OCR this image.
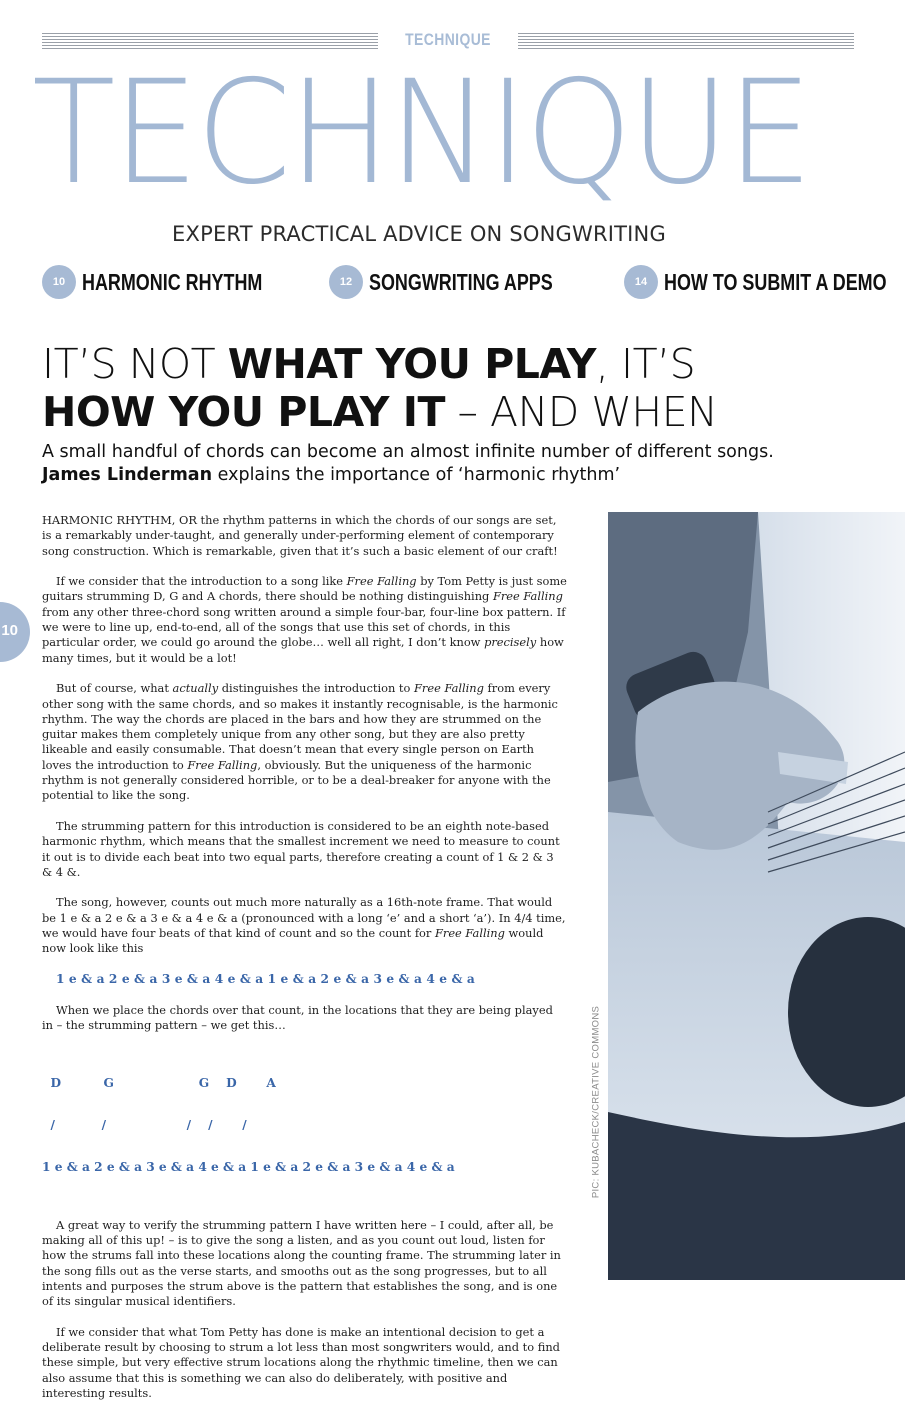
TECHNIQUE
TECHNIQUE
EXPERT PRACTICAL ADVICE ON SONGWRITING
10 HARMONIC RHYTHM	12 SONGWRITING APPS	14 HOW TO SUBMIT A DEMO
IT’S NOT WHAT YOU PLAY, IT’S
HOW YOU PLAY IT – AND WHEN
A small handful of chords can become an almost infinite number of different songs.
James Linderman explains the importance of ‘harmonic rhythm’
10

HARMONIC RHYTHM, OR the rhythm patterns in which the chords of our songs are set, is a remarkably under-taught, and generally under-performing element of contemporary song construction. Which is remarkable, given that it’s such a basic element of our craft!

If we consider that the introduction to a song like Free Falling by Tom Petty is just some guitars strumming D, G and A chords, there should be nothing distinguishing Free Falling from any other three-chord song written around a simple four-bar, four-line box pattern. If we were to line up, end-to-end, all of the songs that use this set of chords, in this particular order, we could go around the globe… well all right, I don’t know precisely how many times, but it would be a lot!

But of course, what actually distinguishes the introduction to Free Falling from every other song with the same chords, and so makes it instantly recognisable, is the harmonic rhythm. The way the chords are placed in the bars and how they are strummed on the guitar makes them completely unique from any other song, but they are also pretty likeable and easily consumable. That doesn’t mean that every single person on Earth loves the introduction to Free Falling, obviously. But the uniqueness of the harmonic rhythm is not generally considered horrible, or to be a deal-breaker for anyone with the potential to like the song.

The strumming pattern for this introduction is considered to be an eighth note-based harmonic rhythm, which means that the smallest increment we need to measure to count it out is to divide each beat into two equal parts, therefore creating a count of 1 & 2 & 3 & 4 &.

The song, however, counts out much more naturally as a 16th-note frame. That would be 1 e & a 2 e & a 3 e & a 4 e & a (pronounced with a long ‘e’ and a short ‘a’). In 4/4 time, we would have four beats of that kind of count and so the count for Free Falling would now look like this

1 e & a 2 e & a 3 e & a 4 e & a 1 e & a 2 e & a 3 e & a 4 e & a

When we place the chords over that count, in the locations that they are being played in – the strumming pattern – we get this…

D          G                    G    D       A

/           /                   /    /       /

1 e & a 2 e & a 3 e & a 4 e & a 1 e & a 2 e & a 3 e & a 4 e & a

A great way to verify the strumming pattern I have written here – I could, after all, be making all of this up! – is to give the song a listen, and as you count out loud, listen for how the strums fall into these locations along the counting frame. The strumming later in the song fills out as the verse starts, and smooths out as the song progresses, but to all intents and purposes the strum above is the pattern that establishes the song, and is one of its singular musical identifiers.

If we consider that what Tom Petty has done is make an intentional decision to get a deliberate result by choosing to strum a lot less than most songwriters would, and to find these simple, but very effective strum locations along the rhythmic timeline, then we can also assume that this is something we can also do deliberately, with positive and interesting results.

PIC: KUBACHECK/CREATIVE COMMONS
